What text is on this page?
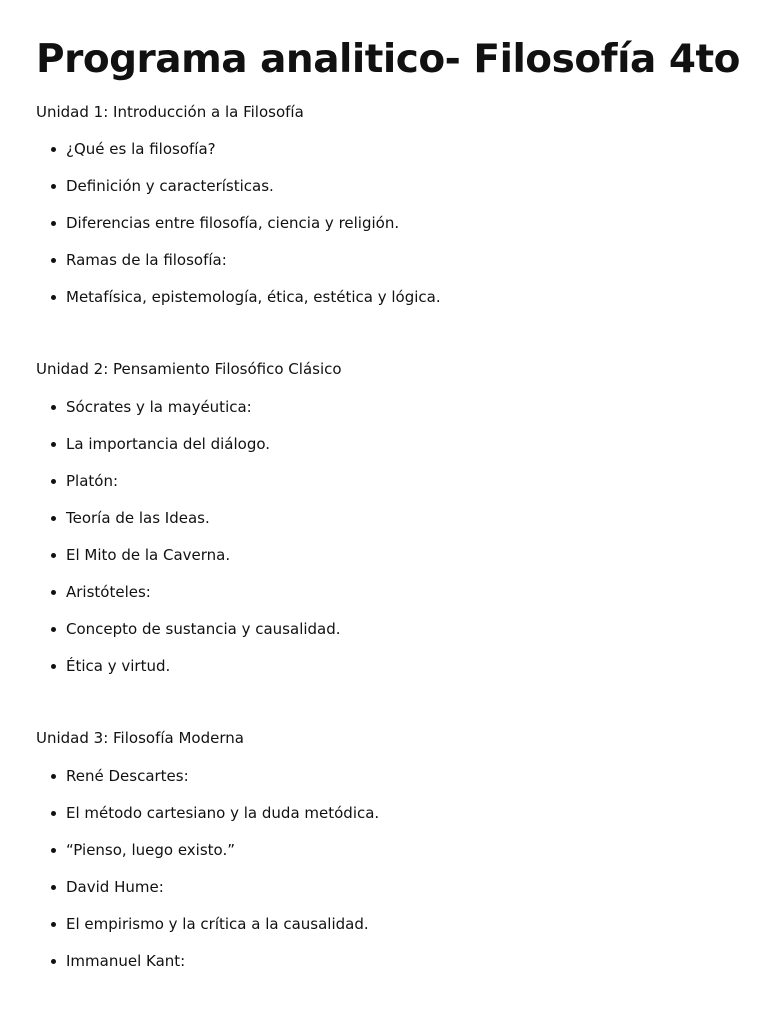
Programa analitico- Filosofía 4to

Unidad 1: Introducción a la Filosofía

¿Qué es la filosofía?
Definición y características.
Diferencias entre filosofía, ciencia y religión.
Ramas de la filosofía:
Metafísica, epistemología, ética, estética y lógica.

Unidad 2: Pensamiento Filosófico Clásico

Sócrates y la mayéutica:
La importancia del diálogo.
Platón:
Teoría de las Ideas.
El Mito de la Caverna.
Aristóteles:
Concepto de sustancia y causalidad.
Ética y virtud.

Unidad 3: Filosofía Moderna

René Descartes:
El método cartesiano y la duda metódica.
“Pienso, luego existo.”
David Hume:
El empirismo y la crítica a la causalidad.
Immanuel Kant:
